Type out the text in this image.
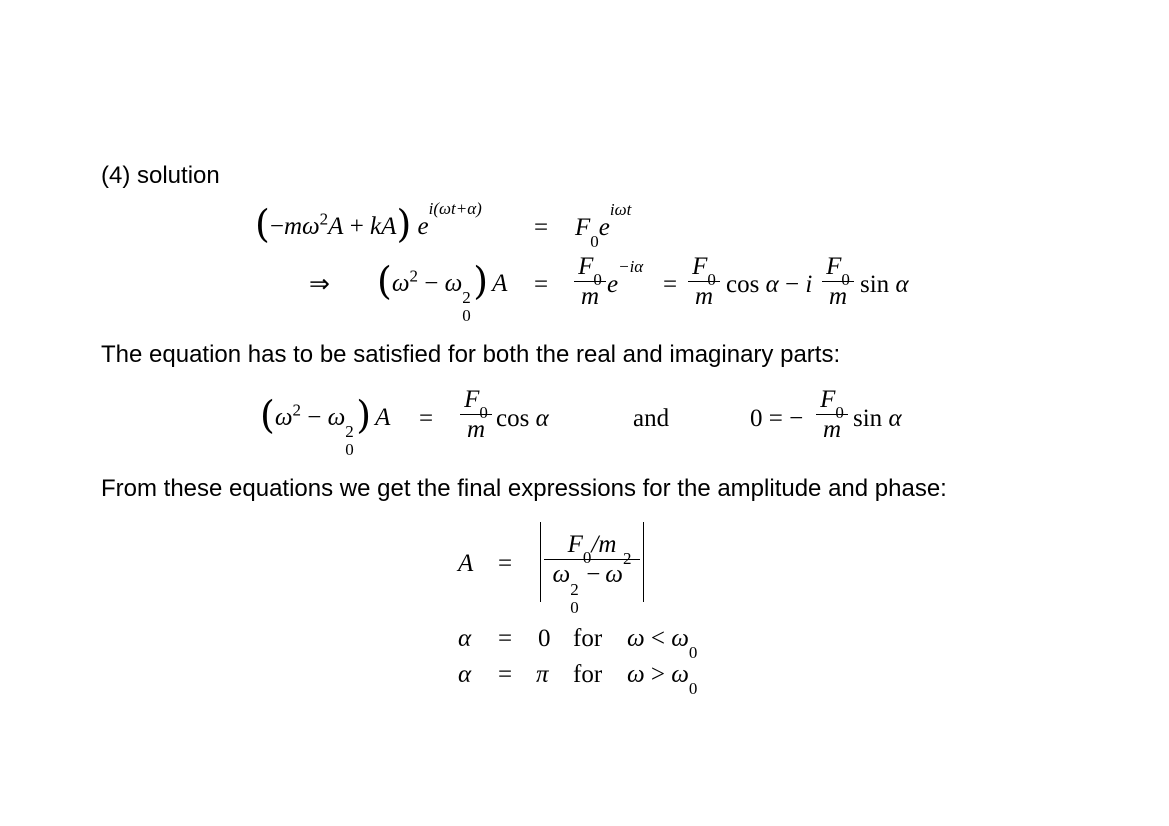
(4) solution
$(-m\omega^2A + kA)$ $e^{i(\omega t+\alpha)}$
= $F_0e^{i\omega t}$
⇒ ($\omega^2 - \omega$
2
0
) A =
$F_0$
m $e^{-i\alpha}$
=
$F_0$
m cos α − i
$F_0$
m sin α
The equation has to be satisfied for both the real and imaginary parts:
($\omega^2 - \omega$
2
0
) A =
$F_0$
m cos α	and	0 = −
$F_0$
m sin α
From these equations we get the final expressions for the amplitude and phase:
A =
$F_0/m$
ω
2
0
− $\omega^2$
α = 0 for $\omega < \omega_0$
α = π for $\omega > \omega_0$
